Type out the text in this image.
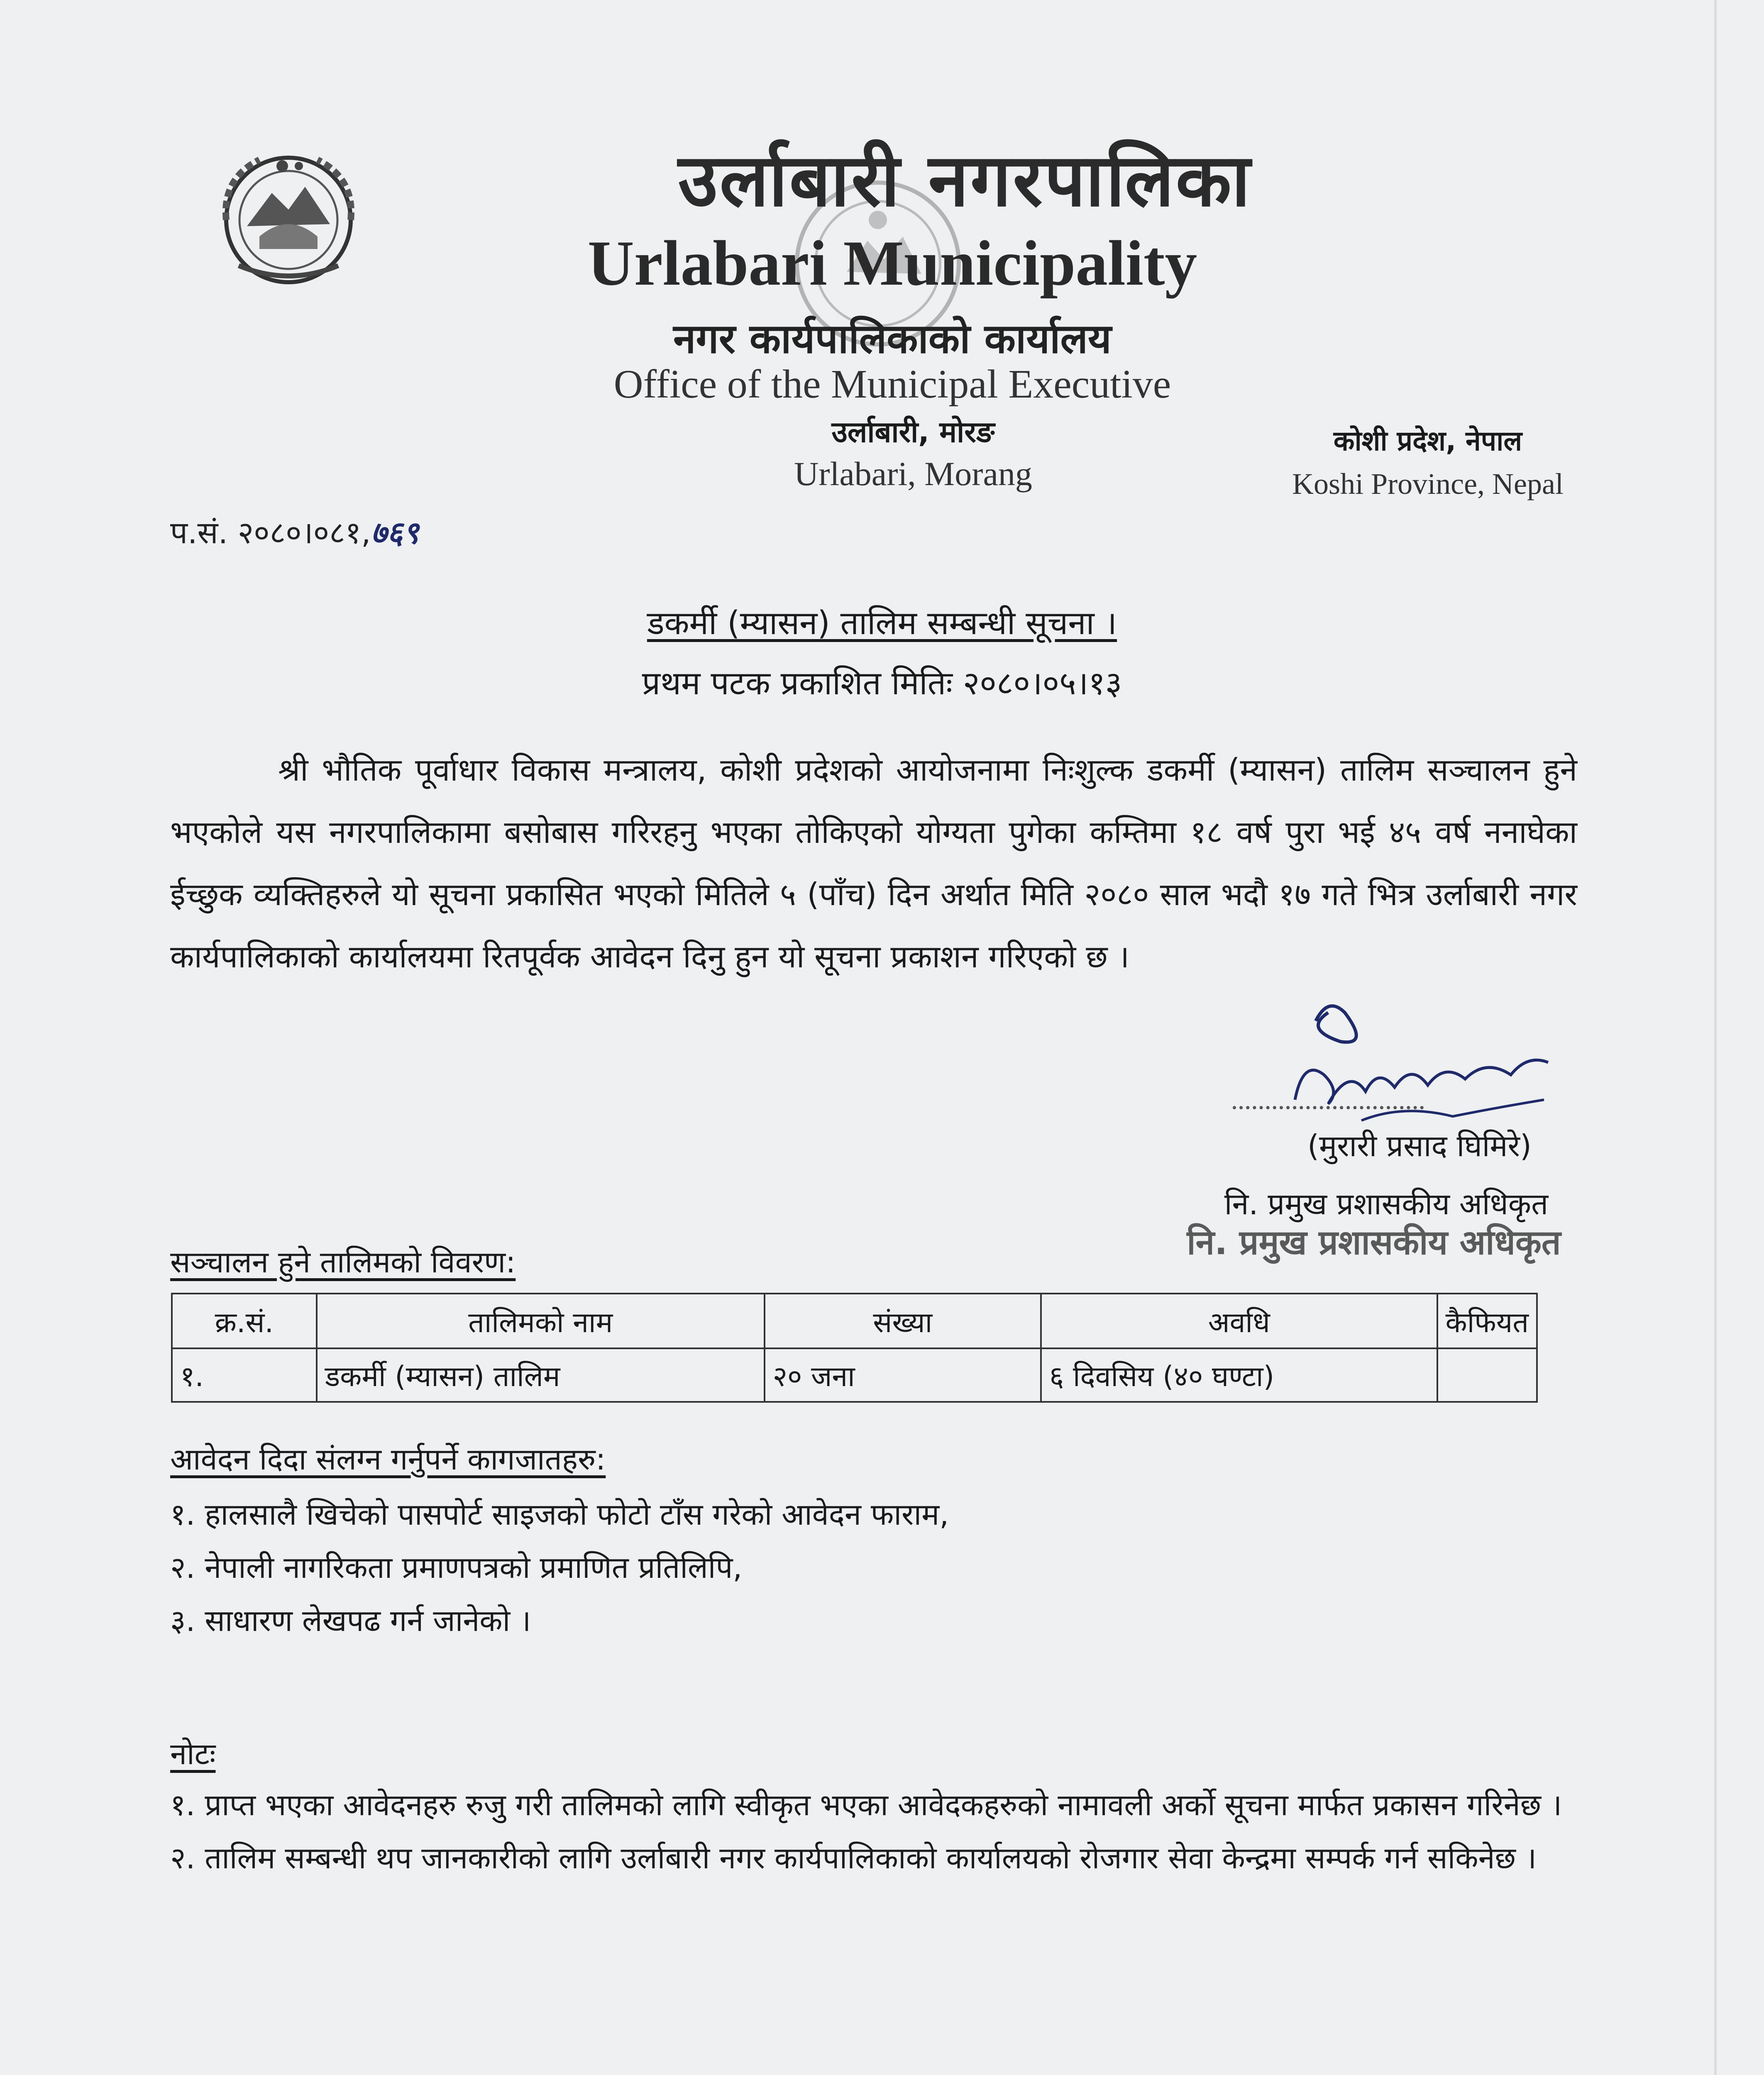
उर्लाबारी नगरपालिका
Urlabari Municipality
नगर कार्यपालिकाको कार्यालय
Office of the Municipal Executive
उर्लाबारी, मोरङ
Urlabari, Morang
कोशी प्रदेश, नेपाल
Koshi Province, Nepal
प.सं. २०८०।०८१,७६९
डकर्मी (म्यासन) तालिम सम्बन्धी सूचना ।
प्रथम पटक प्रकाशित मितिः २०८०।०५।१३
श्री भौतिक पूर्वाधार विकास मन्त्रालय, कोशी प्रदेशको आयोजनामा निःशुल्क डकर्मी (म्यासन) तालिम सञ्चालन हुने भएकोले यस नगरपालिकामा बसोबास गरिरहनु भएका तोकिएको योग्यता पुगेका कम्तिमा १८ वर्ष पुरा भई ४५ वर्ष ननाघेका ईच्छुक व्यक्तिहरुले यो सूचना प्रकासित भएको मितिले ५ (पाँच) दिन अर्थात मिति २०८० साल भदौ १७ गते भित्र उर्लाबारी नगर कार्यपालिकाको कार्यालयमा रितपूर्वक आवेदन दिनु हुन यो सूचना प्रकाशन गरिएको छ ।
(मुरारी प्रसाद घिमिरे)
नि. प्रमुख प्रशासकीय अधिकृत
नि. प्रमुख प्रशासकीय अधिकृत
सञ्चालन हुने तालिमको विवरण:
क्र.सं.	तालिमको नाम	संख्या	अवधि	कैफियत
१.	डकर्मी (म्यासन) तालिम	२० जना	६ दिवसिय (४० घण्टा)	
आवेदन दिदा संलग्न गर्नुपर्ने कागजातहरु:
१. हालसालै खिचेको पासपोर्ट साइजको फोटो टाँस गरेको आवेदन फाराम,
२. नेपाली नागरिकता प्रमाणपत्रको प्रमाणित प्रतिलिपि,
३. साधारण लेखपढ गर्न जानेको ।
नोटः
१. प्राप्त भएका आवेदनहरु रुजु गरी तालिमको लागि स्वीकृत भएका आवेदकहरुको नामावली अर्को सूचना मार्फत प्रकासन गरिनेछ ।
२. तालिम सम्बन्धी थप जानकारीको लागि उर्लाबारी नगर कार्यपालिकाको कार्यालयको रोजगार सेवा केन्द्रमा सम्पर्क गर्न सकिनेछ ।
